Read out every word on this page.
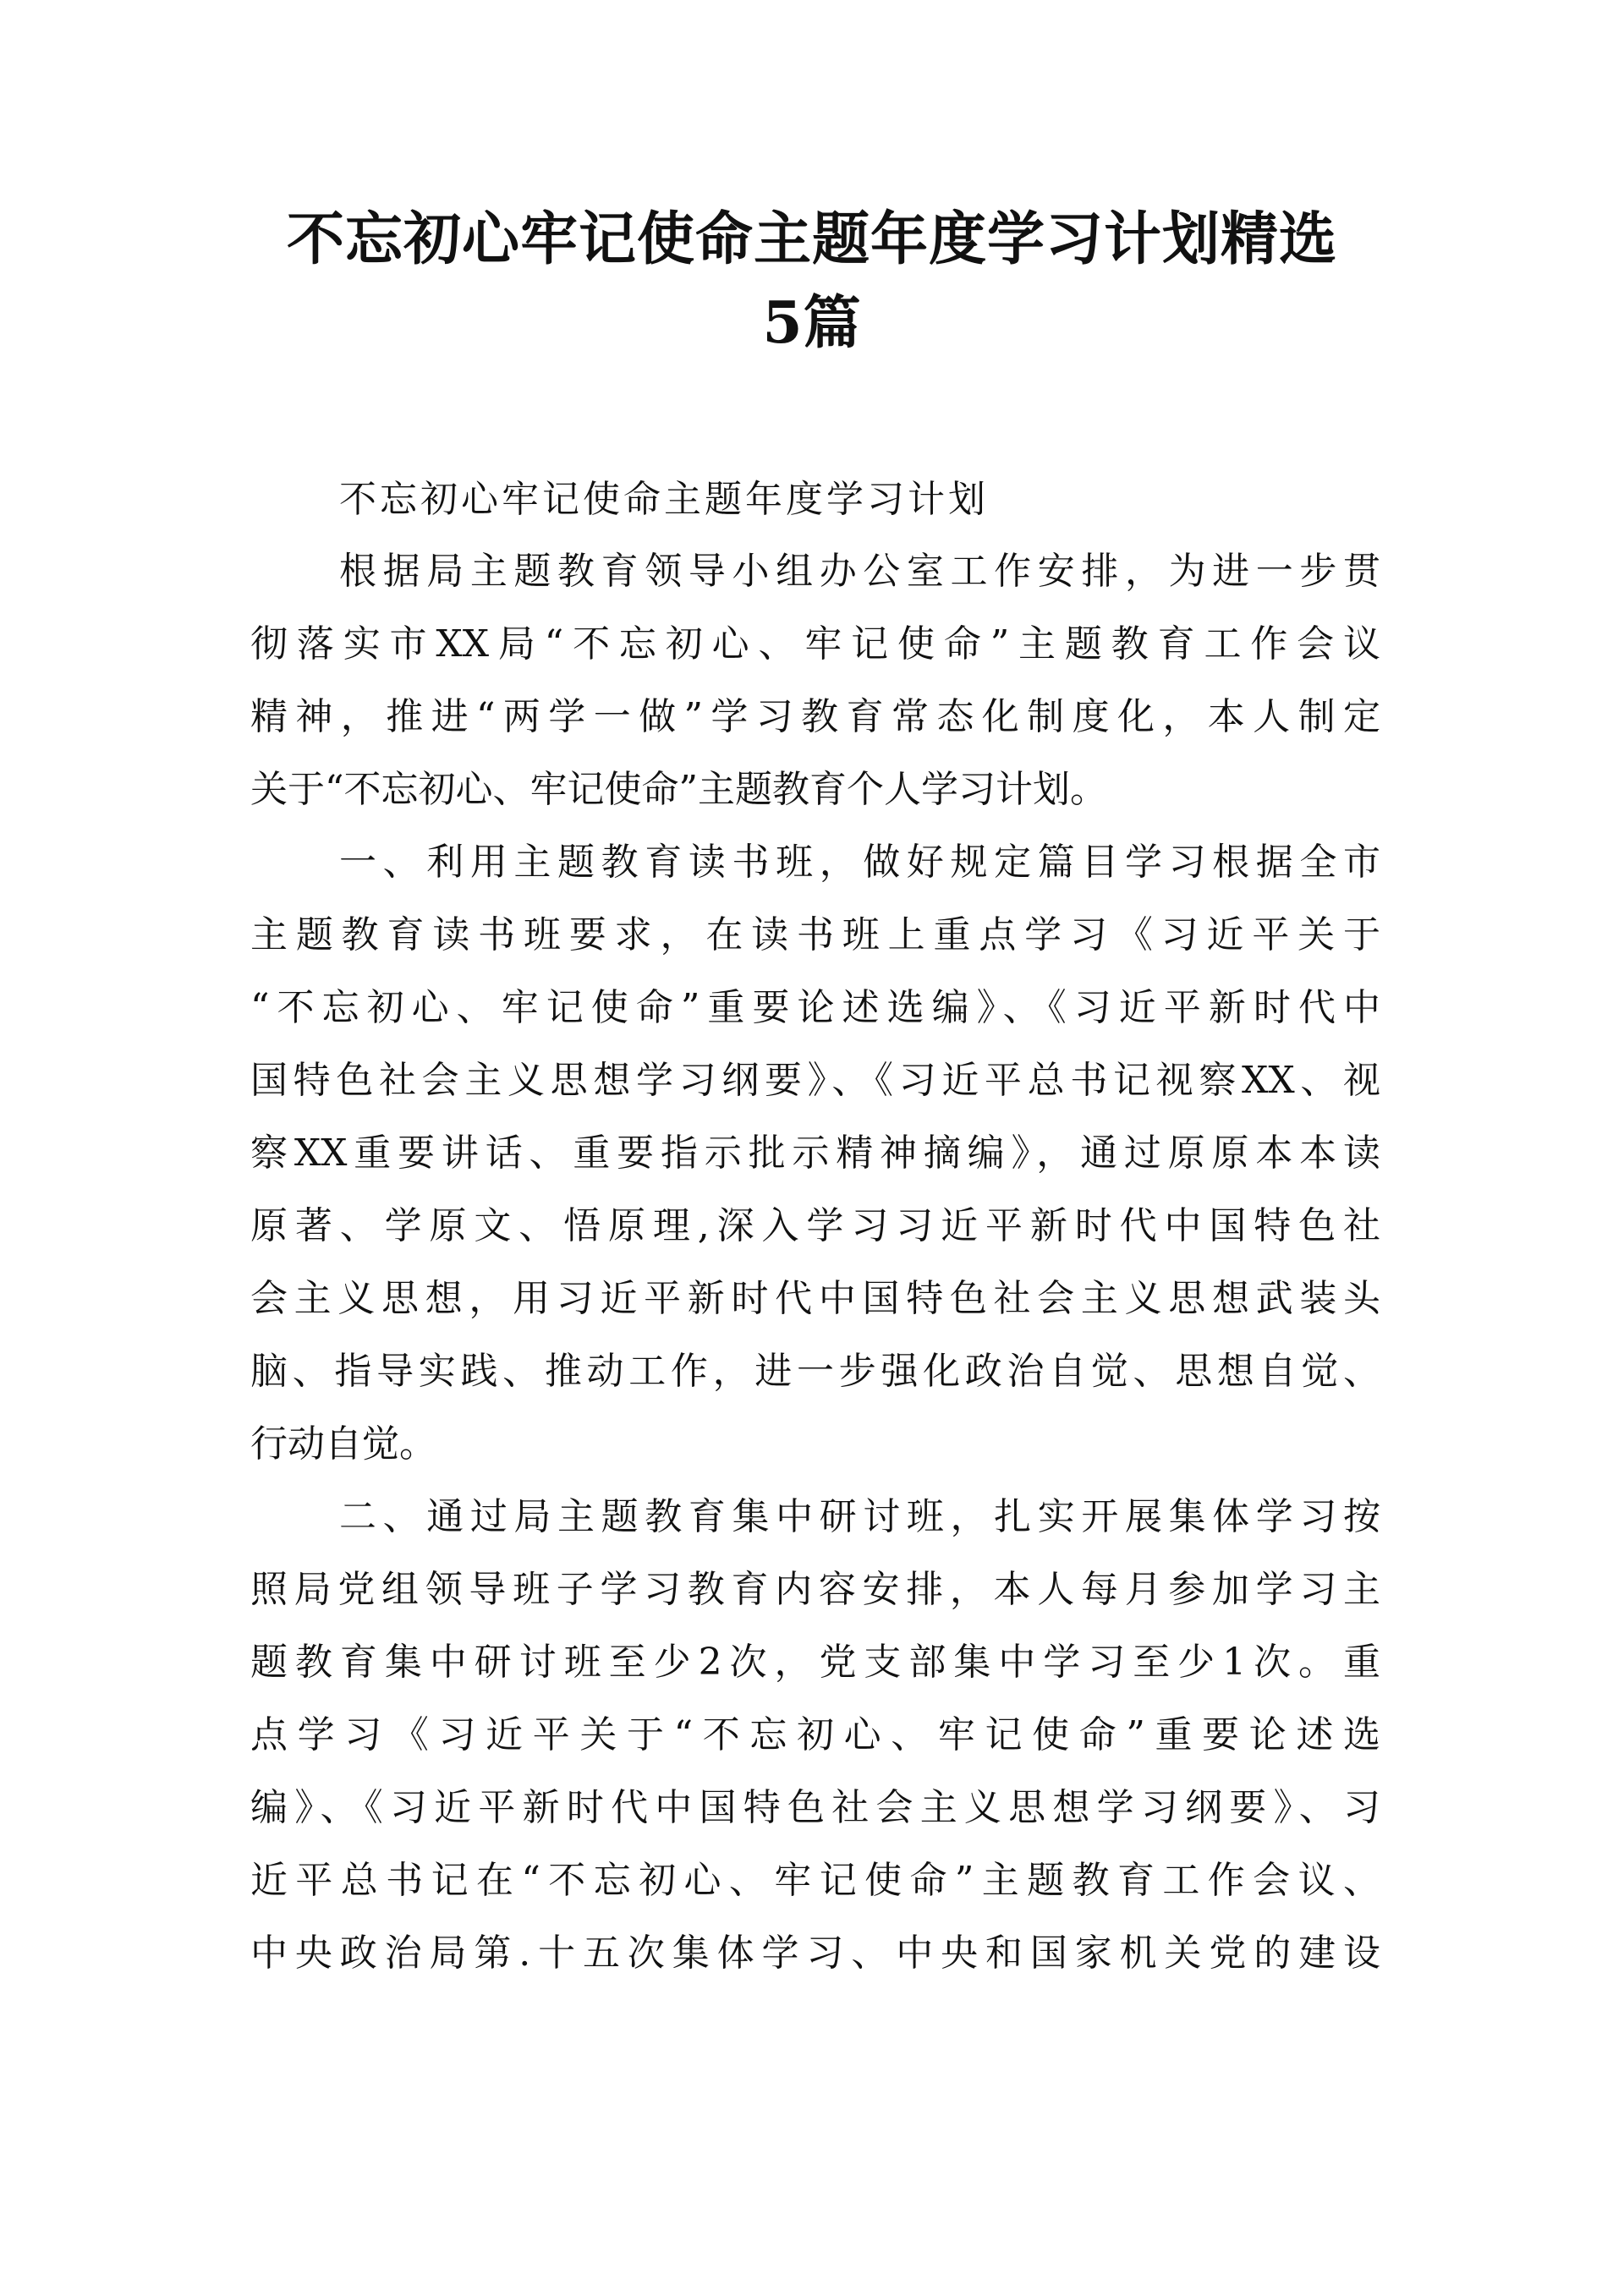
不忘初心牢记使命主题年度学习计划精选
5篇
不忘初心牢记使命主题年度学习计划
根据局主题教育领导小组办公室工作安排，为进一步贯
彻落实市XX局“不忘初心、牢记使命”主题教育工作会议
精神，推进“两学一做”学习教育常态化制度化，本人制定
关于“不忘初心、牢记使命”主题教育个人学习计划。
一、利用主题教育读书班，做好规定篇目学习根据全市
主题教育读书班要求，在读书班上重点学习《习近平关于
“不忘初心、牢记使命”重要论述选编》、《习近平新时代中
国特色社会主义思想学习纲要》、《习近平总书记视察XX、视
察XX重要讲话、重要指示批示精神摘编》，通过原原本本读
原著、学原文、悟原理,深入学习习近平新时代中国特色社
会主义思想，用习近平新时代中国特色社会主义思想武装头
脑、指导实践、推动工作，进一步强化政治自觉、思想自觉、
行动自觉。
二、通过局主题教育集中研讨班，扎实开展集体学习按
照局党组领导班子学习教育内容安排，本人每月参加学习主
题教育集中研讨班至少2次，党支部集中学习至少1次。重
点学习《习近平关于“不忘初心、牢记使命”重要论述选
编》、《习近平新时代中国特色社会主义思想学习纲要》、习
近平总书记在“不忘初心、牢记使命”主题教育工作会议、
中央政治局第.十五次集体学习、中央和国家机关党的建设
